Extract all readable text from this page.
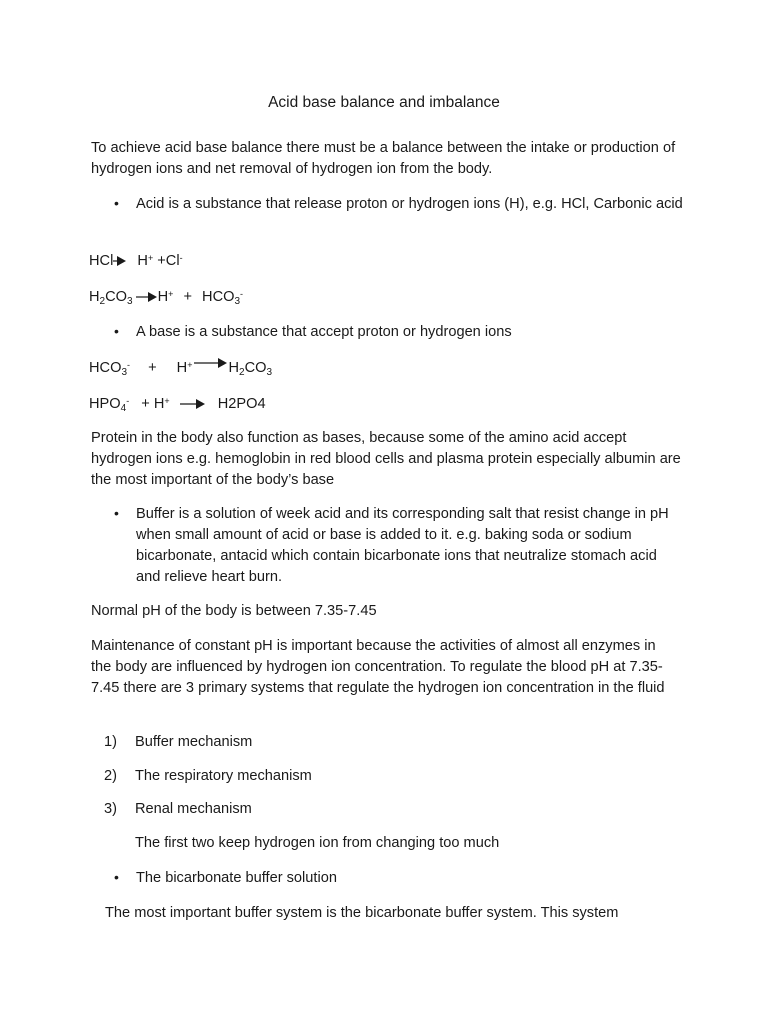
Acid base balance and imbalance
To achieve acid base balance there must be a balance between the intake or production of hydrogen ions and net removal of hydrogen ion from the body.
• Acid is a substance that release proton or hydrogen ions (H), e.g. HCl, Carbonic acid
HCl H+ +Cl-
$H_2CO_3 \to H^+ + HCO_3^-$
• A base is a substance that accept proton or hydrogen ions
$HCO_3^- + H^+ \to H_2CO_3$
$HPO_4^- + H^+ \to H2PO4$
Protein in the body also function as bases, because some of the amino acid accept hydrogen ions e.g. hemoglobin in red blood cells and plasma protein especially albumin are the most important of the body’s base
• Buffer is a solution of week acid and its corresponding salt that resist change in pH when small amount of acid or base is added to it. e.g. baking soda or sodium bicarbonate, antacid which contain bicarbonate ions that neutralize stomach acid and relieve heart burn.
Normal pH of the body is between 7.35-7.45
Maintenance of constant pH is important because the activities of almost all enzymes in the body are influenced by hydrogen ion concentration. To regulate the blood pH at 7.35-7.45 there are 3 primary systems that regulate the hydrogen ion concentration in the fluid
1) Buffer mechanism
2) The respiratory mechanism
3) Renal mechanism
The first two keep hydrogen ion from changing too much
• The bicarbonate buffer solution
The most important buffer system is the bicarbonate buffer system. This system
